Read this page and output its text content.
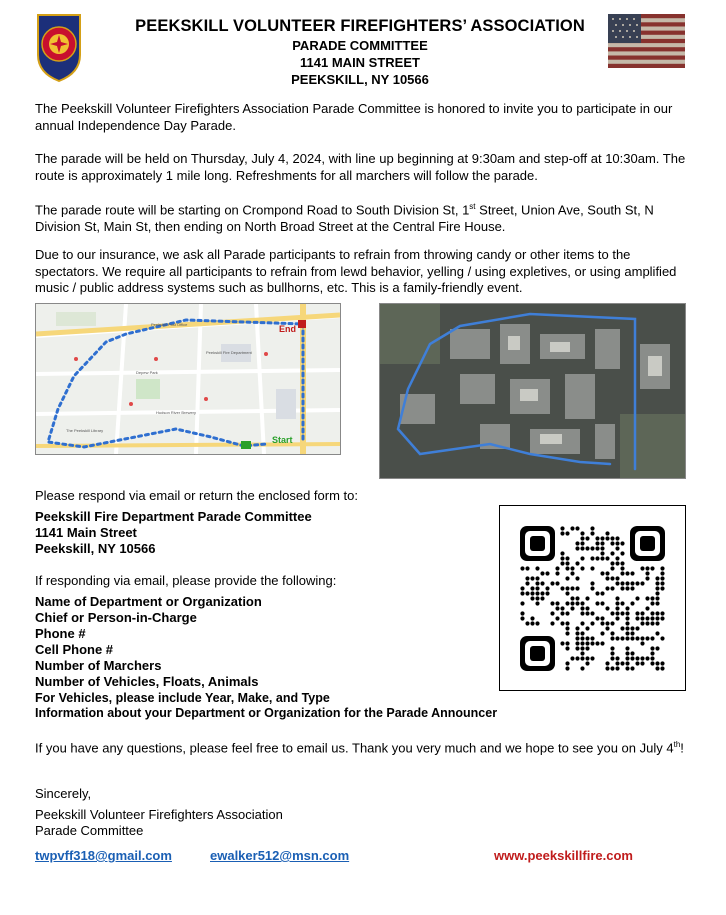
PEEKSKILL VOLUNTEER FIREFIGHTERS’ ASSOCIATION
PARADE COMMITTEE
1141 MAIN STREET
PEEKSKILL, NY 10566
The Peekskill Volunteer Firefighters Association Parade Committee is honored to invite you to participate in our annual Independence Day Parade.
The parade will be held on Thursday, July 4, 2024, with line up beginning at 9:30am and step-off at 10:30am. The route is approximately 1 mile long. Refreshments for all marchers will follow the parade.
The parade route will be starting on Crompond Road to South Division St, 1st Street, Union Ave, South St, N Division St, Main St, then ending on North Broad Street at the Central Fire House.
Due to our insurance, we ask all Parade participants to refrain from throwing candy or other items to the spectators. We require all participants to refrain from lewd behavior, yelling / using expletives, or using amplified music / public address systems such as bullhorns, etc. This is a family-friendly event.
Peekskill Post Office
Peekskill Fire Department
Depew Park
Hudson River Brewery
The Peekskill Library
End
Start
Please respond via email or return the enclosed form to:
Peekskill Fire Department Parade Committee
1141 Main Street
Peekskill, NY 10566
If responding via email, please provide the following:
Name of Department or Organization
Chief or Person-in-Charge
Phone #
Cell Phone #
Number of Marchers
Number of Vehicles, Floats, Animals
For Vehicles, please include Year, Make, and Type
Information about your Department or Organization for the Parade Announcer
If you have any questions, please feel free to email us. Thank you very much and we hope to see you on July 4th!
Sincerely,
Peekskill Volunteer Firefighters Association
Parade Committee
twpvff318@gmail.com	ewalker512@msn.com	www.peekskillfire.com
